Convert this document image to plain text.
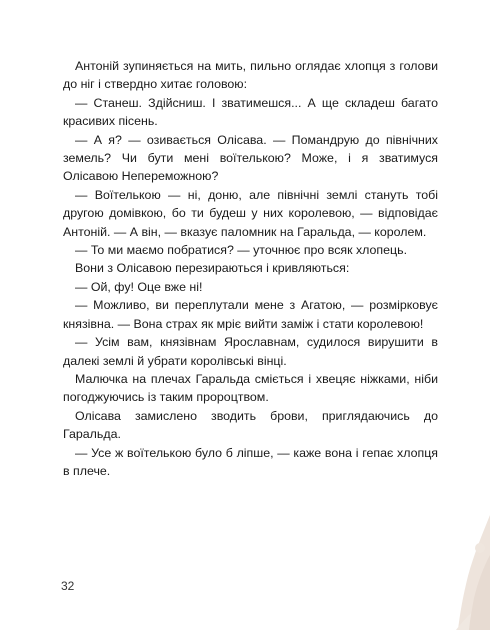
Антоній зупиняється на мить, пильно оглядає хлопця з голови до ніг і ствердно хитає головою:

— Станеш. Здійсниш. І зватимешся... А ще складеш багато красивих пісень.

— А я? — озивається Олісава. — Помандрую до північних земель? Чи бути мені воїтелькою? Може, і я зватимуся Олісавою Непереможною?

— Воїтелькою — ні, доню, але північні землі стануть тобі другою домівкою, бо ти будеш у них королевою, — відповідає Антоній. — А він, — вказує паломник на Гаральда, — королем.

— То ми маємо побратися? — уточнює про всяк хлопець.

Вони з Олісавою перезираються і кривляються:

— Ой, фу! Оце вже ні!

— Можливо, ви переплутали мене з Агатою, — розмірковує князівна. — Вона страх як мріє вийти заміж і стати королевою!

— Усім вам, князівнам Ярославнам, судилося вирушити в далекі землі й убрати королівські вінці.

Малючка на плечах Гаральда сміється і хвецяє ніжками, ніби погоджуючись із таким пророцтвом.

Олісава замислено зводить брови, приглядаючись до Гаральда.

— Усе ж воїтелькою було б ліпше, — каже вона і гепає хлопця в плече.

32
